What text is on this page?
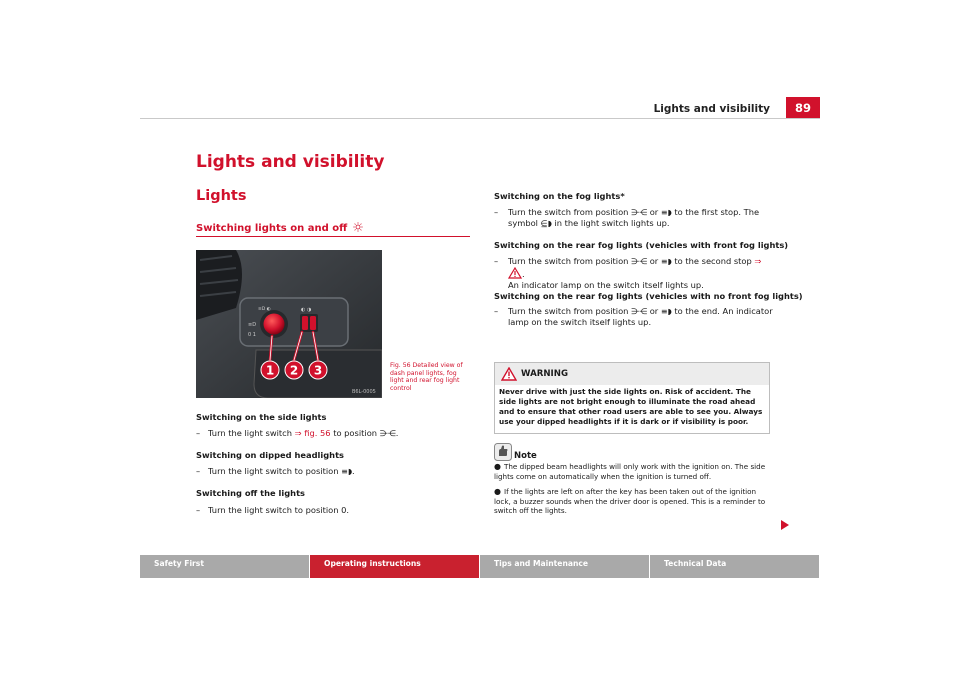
Lights and visibility	89
Lights and visibility
Lights
Switching lights on and off
≡D
0 1
≡D ◐	◐ ◑
1 2 3
B6L-0005
Fig. 56 Detailed view of dash panel lights, fog light and rear fog light control
Switching on the side lights
– Turn the light switch ⇒ fig. 56 to position ⋺⋲.
Switching on dipped headlights
– Turn the light switch to position ≡◗.
Switching off the lights
– Turn the light switch to position 0.
Switching on the fog lights*
–	Turn the switch from position ⋺⋲ or ≡◗ to the first stop. The
symbol ⋸◗ in the light switch lights up.
Switching on the rear fog lights (vehicles with front fog lights)
–	Turn the switch from position ⋺⋲ or ≡◗ to the second stop ⇒ .
An indicator lamp on the switch itself lights up.
Switching on the rear fog lights (vehicles with no front fog lights)
–	Turn the switch from position ⋺⋲ or ≡◗ to the end. An indicator
lamp on the switch itself lights up.
WARNING
Never drive with just the side lights on. Risk of accident. The side lights are not bright enough to illuminate the road ahead and to ensure that other road users are able to see you. Always use your dipped headlights if it is dark or if visibility is poor.
Note
● The dipped beam headlights will only work with the ignition on. The side lights come on automatically when the ignition is turned off.
● If the lights are left on after the key has been taken out of the ignition lock, a buzzer sounds when the driver door is opened. This is a reminder to switch off the lights.
Safety First	Operating instructions	Tips and Maintenance	Technical Data
